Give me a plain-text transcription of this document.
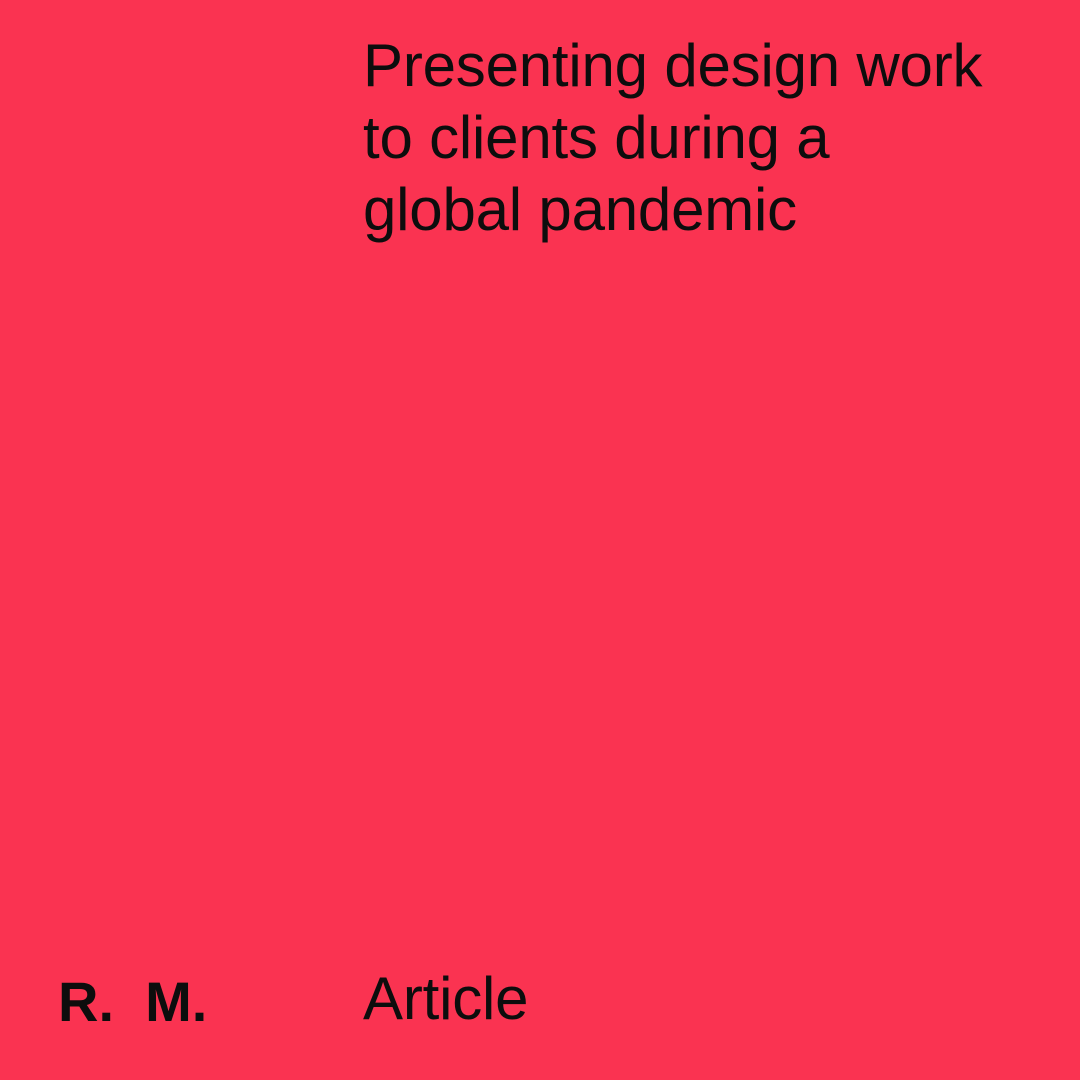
Presenting design work
to clients during a
global pandemic
R.  M.	Article
